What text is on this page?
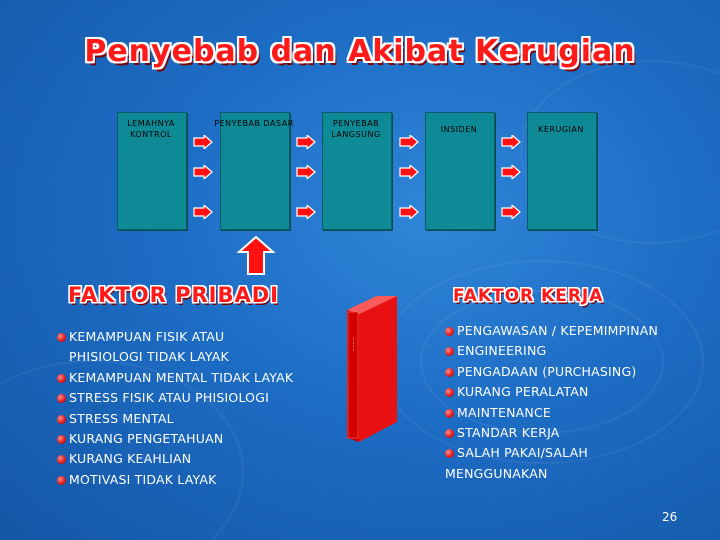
Penyebab dan Akibat Kerugian
LEMAHNYA KONTROL
PENYEBAB DASAR	PENYEBAB LANGSUNG
INSIDEN	KERUGIAN
FAKTOR PRIBADI	FAKTOR KERJA
KEMAMPUAN FISIK ATAU
PHISIOLOGI TIDAK LAYAK
KEMAMPUAN MENTAL TIDAK LAYAK
STRESS FISIK ATAU PHISIOLOGI
STRESS MENTAL
KURANG PENGETAHUAN
KURANG KEAHLIAN
MOTIVASI TIDAK LAYAK
......
PENGAWASAN / KEPEMIMPINAN
ENGINEERING
PENGADAAN (PURCHASING)
KURANG PERALATAN
MAINTENANCE
STANDAR KERJA
SALAH PAKAI/SALAH
MENGGUNAKAN
26
